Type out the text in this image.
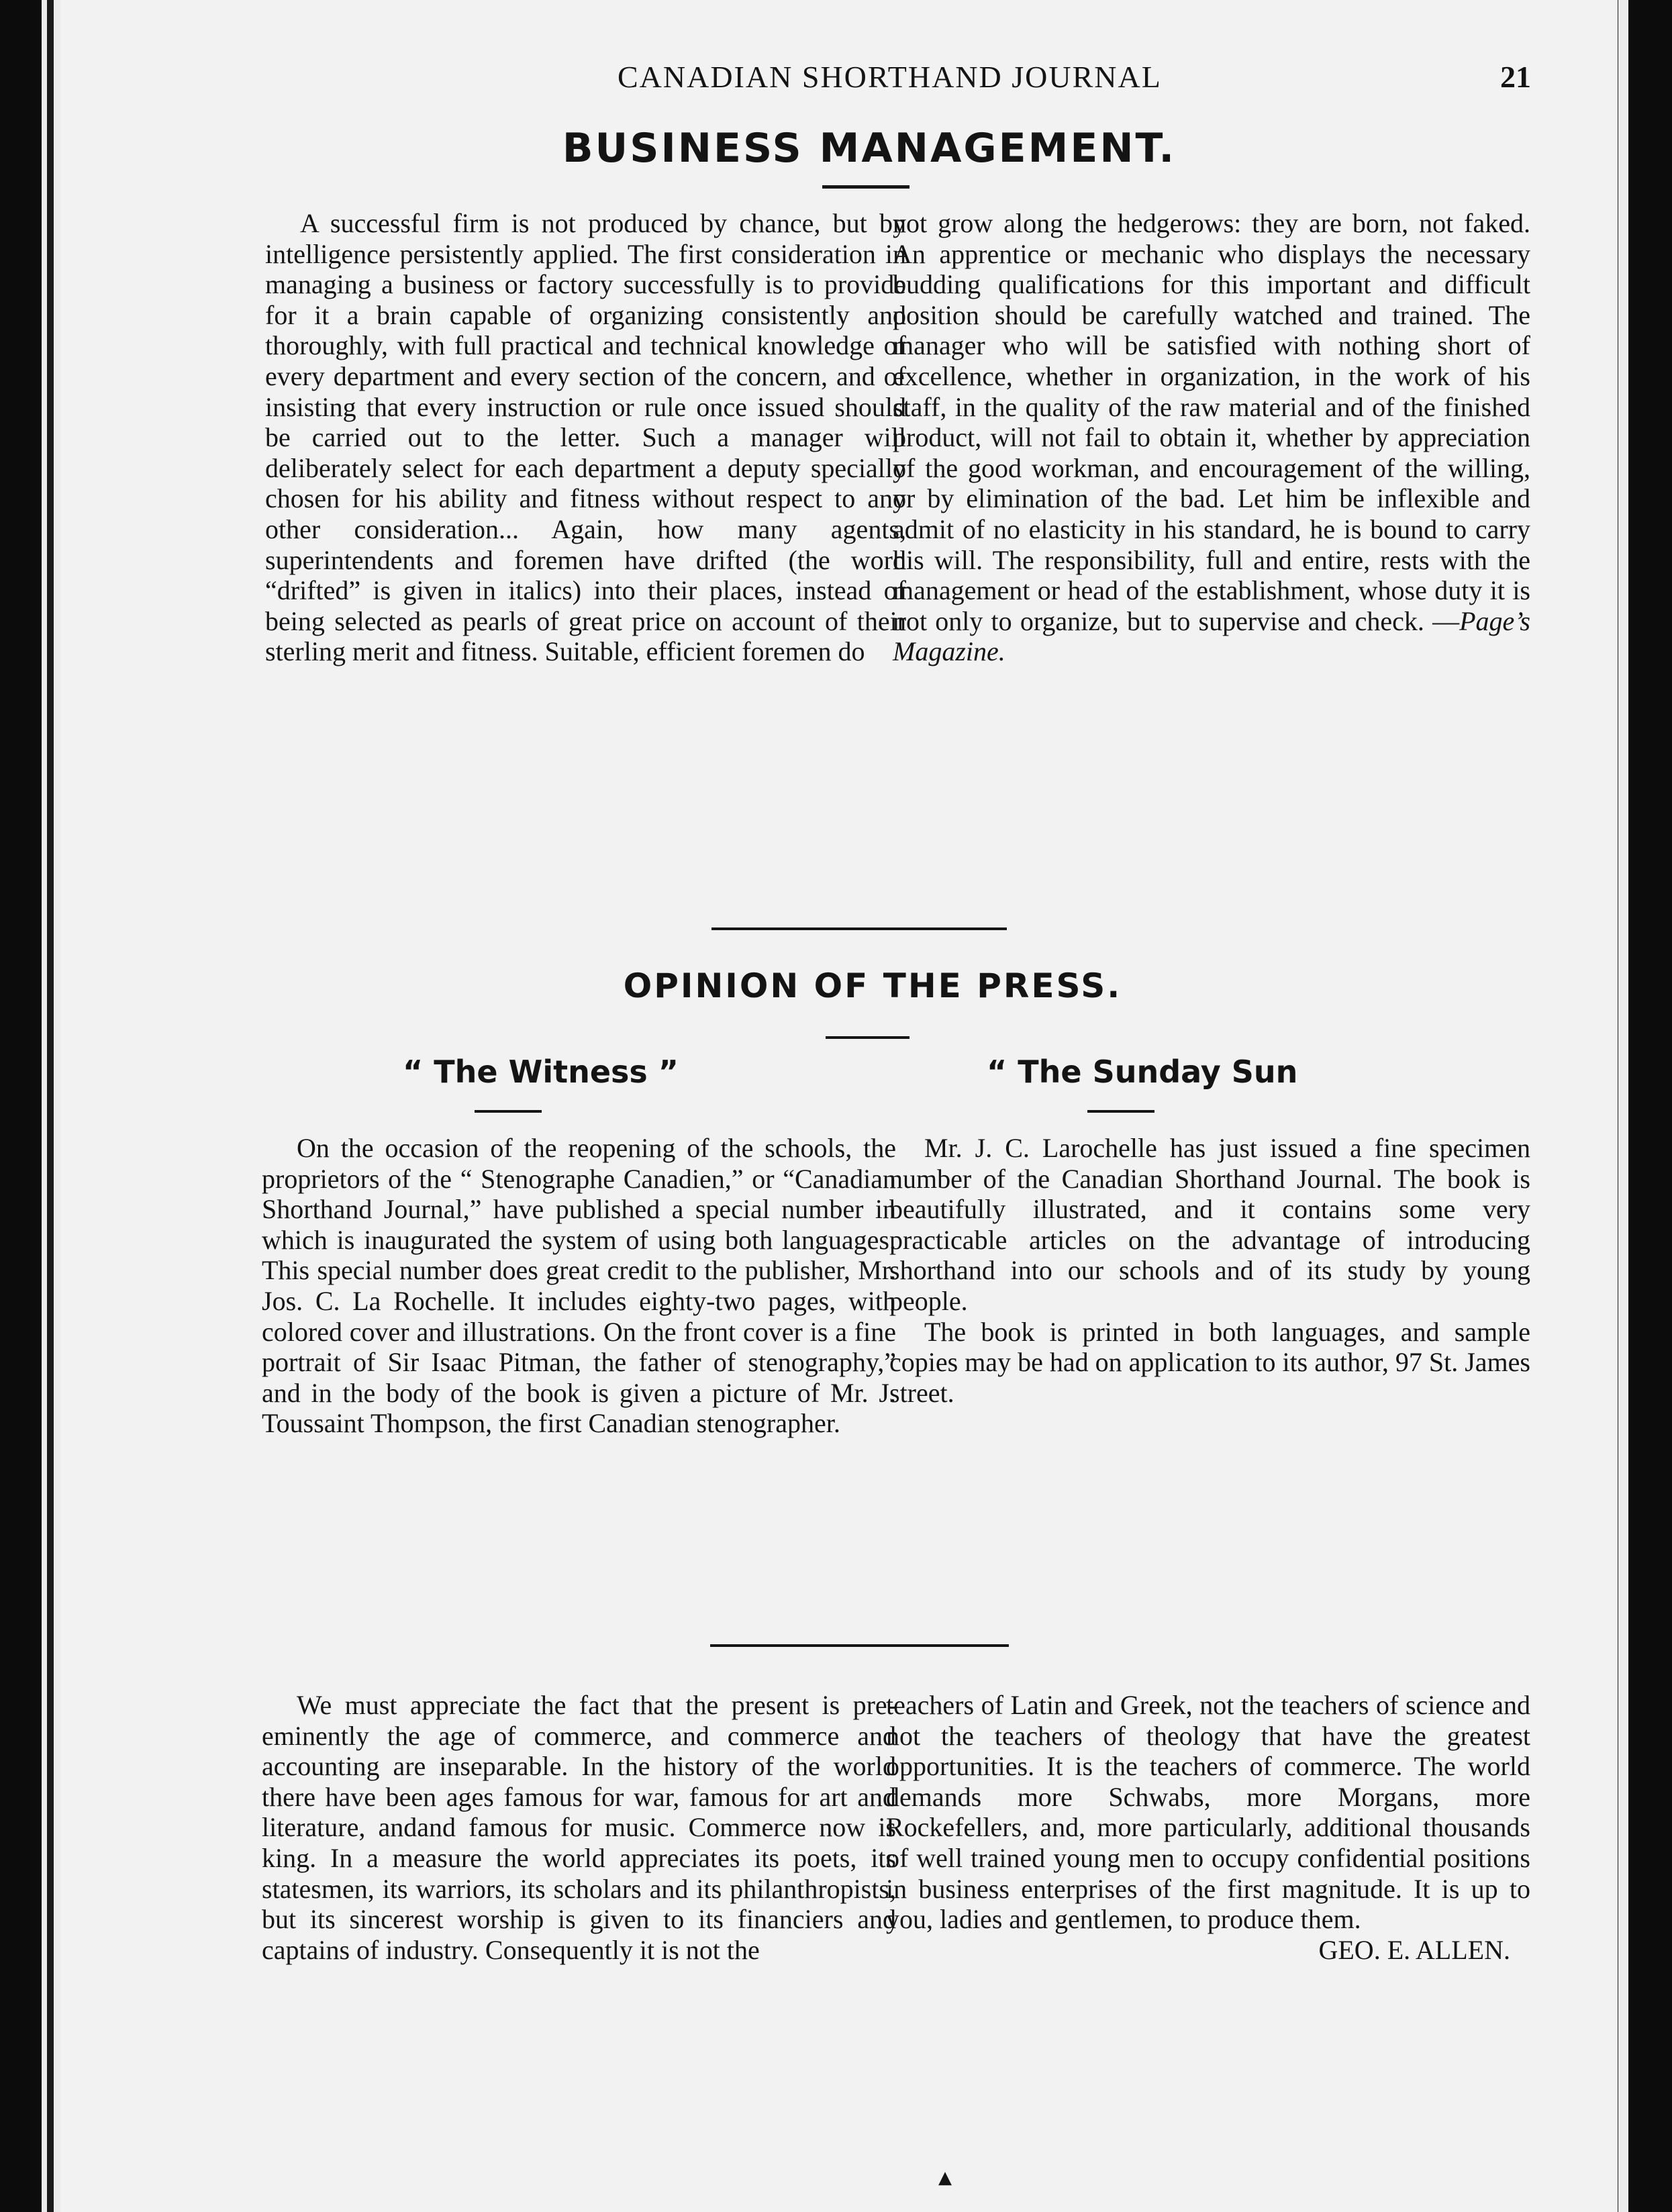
CANADIAN SHORTHAND JOURNAL	21
BUSINESS MANAGEMENT.

A successful firm is not produced by chance, but by intelligence persistently applied. The first consideration in managing a business or factory successfully is to provide for it a brain capable of organizing consistently and thoroughly, with full practical and technical knowledge of every department and every section of the concern, and of insisting that every instruction or rule once issued should be carried out to the letter. Such a manager will deliberately select for each department a deputy specially chosen for his ability and fitness without respect to any other consideration... Again, how many agents, superintendents and foremen have drifted (the word “drifted” is given in italics) into their places, instead of being selected as pearls of great price on account of their sterling merit and fitness. Suitable, efficient foremen do

not grow along the hedgerows: they are born, not faked. An apprentice or mechanic who displays the necessary budding qualifications for this important and difficult position should be carefully watched and trained. The manager who will be satisfied with nothing short of excellence, whether in organization, in the work of his staff, in the quality of the raw material and of the finished product, will not fail to obtain it, whether by appreciation of the good workman, and encouragement of the willing, or by elimination of the bad. Let him be inflexible and admit of no elasticity in his standard, he is bound to carry his will. The responsibility, full and entire, rests with the management or head of the establishment, whose duty it is not only to organize, but to supervise and check. —Page’s Magazine.

OPINION OF THE PRESS.
“ The Witness ”	“ The Sunday Sun

On the occasion of the reopening of the schools, the proprietors of the “ Stenographe Canadien,” or “Canadian Shorthand Journal,” have published a special number in which is inaugurated the system of using both languages. This special number does great credit to the publisher, Mr. Jos. C. La Rochelle. It includes eighty-two pages, with colored cover and illustrations. On the front cover is a fine portrait of Sir Isaac Pitman, the father of stenography,” and in the body of the book is given a picture of Mr. J. Toussaint Thompson, the first Canadian stenographer.

Mr. J. C. Larochelle has just issued a fine specimen number of the Canadian Shorthand Journal. The book is beautifully illustrated, and it contains some very practicable articles on the advantage of introducing shorthand into our schools and of its study by young people.

The book is printed in both languages, and sample copies may be had on application to its author, 97 St. James street.

We must appreciate the fact that the present is pre-eminently the age of commerce, and commerce and accounting are inseparable. In the history of the world there have been ages famous for war, famous for art and literature, andand famous for music. Commerce now is king. In a measure the world appreciates its poets, its statesmen, its warriors, its scholars and its philanthropists, but its sincerest worship is given to its financiers and captains of industry. Consequently it is not the

teachers of Latin and Greek, not the teachers of science and not the teachers of theology that have the greatest opportunities. It is the teachers of commerce. The world demands more Schwabs, more Morgans, more Rockefellers, and, more particularly, additional thousands of well trained young men to occupy confidential positions in business enterprises of the first magnitude. It is up to you, ladies and gentlemen, to produce them.

GEO. E. ALLEN.

▲
